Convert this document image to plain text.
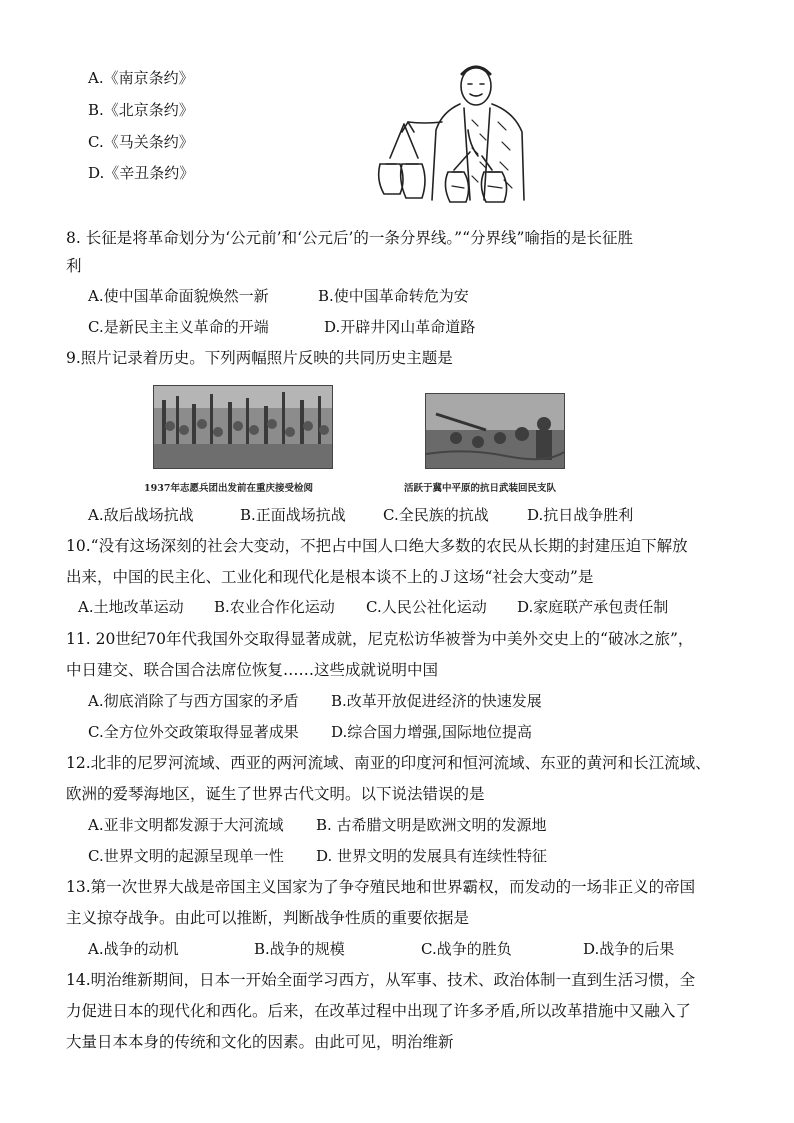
A.《南京条约》
B.《北京条约》
C.《马关条约》
D.《辛丑条约》
8. 长征是将革命划分为‘公元前’和‘公元后’的一条分界线。”“分界线”喻指的是长征胜
利
A.使中国革命面貌焕然一新	B.使中国革命转危为安
C.是新民主主义革命的开端	D.开辟井冈山革命道路
9.照片记录着历史。下列两幅照片反映的共同历史主题是
1937年志愿兵团出发前在重庆接受检阅	活跃于冀中平原的抗日武装回民支队
A.敌后战场抗战	B.正面战场抗战 C.全民族的抗战	D.抗日战争胜利
10.“没有这场深刻的社会大变动，不把占中国人口绝大多数的农民从长期的封建压迫下解放
出来，中国的民主化、工业化和现代化是根本谈不上的Ｊ这场“社会大变动”是
A.土地改革运动 B.农业合作化运动 C.人民公社化运动 D.家庭联产承包责任制
11. 20世纪70年代我国外交取得显著成就，尼克松访华被誉为中美外交史上的“破冰之旅”，
中日建交、联合国合法席位恢复……这些成就说明中国
A.彻底消除了与西方国家的矛盾 B.改革开放促进经济的快速发展
C.全方位外交政策取得显著成果 D.综合国力增强,国际地位提高
12.北非的尼罗河流域、西亚的两河流域、南亚的印度河和恒河流域、东亚的黄河和长江流域、
欧洲的爱琴海地区，诞生了世界古代文明。以下说法错误的是
A.亚非文明都发源于大河流域 B. 古希腊文明是欧洲文明的发源地
C.世界文明的起源呈现单一性 D. 世界文明的发展具有连续性特征
13.第一次世界大战是帝国主义国家为了争夺殖民地和世界霸权，而发动的一场非正义的帝国
主义掠夺战争。由此可以推断，判断战争性质的重要依据是
A.战争的动机	B.战争的规模	C.战争的胜负	D.战争的后果
14.明治维新期间，日本一开始全面学习西方，从军事、技术、政治体制一直到生活习惯，全
力促进日本的现代化和西化。后来，在改革过程中出现了许多矛盾,所以改革措施中又融入了
大量日本本身的传统和文化的因素。由此可见，明治维新
